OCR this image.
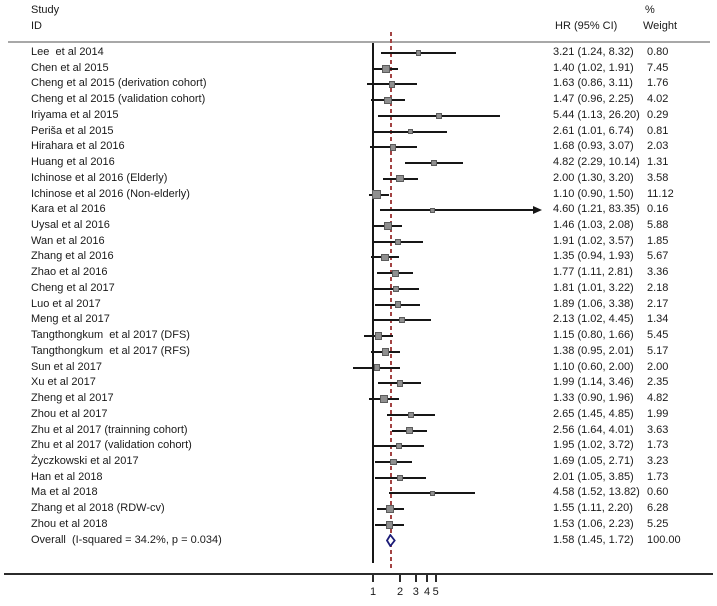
Study
ID
%
HR (95% CI) Weight
Lee  et al 2014	3.21 (1.24, 8.32) 0.80
Chen et al 2015	1.40 (1.02, 1.91) 7.45
Cheng et al 2015 (derivation cohort)	1.63 (0.86, 3.11) 1.76
Cheng et al 2015 (validation cohort)	1.47 (0.96, 2.25) 4.02
Iriyama et al 2015	5.44 (1.13, 26.20) 0.29
Periša et al 2015	2.61 (1.01, 6.74) 0.81
Hirahara et al 2016	1.68 (0.93, 3.07) 2.03
Huang et al 2016	4.82 (2.29, 10.14) 1.31
Ichinose et al 2016 (Elderly)	2.00 (1.30, 3.20) 3.58
Ichinose et al 2016 (Non-elderly)	1.10 (0.90, 1.50) 11.12
Kara et al 2016	4.60 (1.21, 83.35) 0.16
Uysal et al 2016	1.46 (1.03, 2.08) 5.88
Wan et al 2016	1.91 (1.02, 3.57) 1.85
Zhang et al 2016	1.35 (0.94, 1.93) 5.67
Zhao et al 2016	1.77 (1.11, 2.81) 3.36
Cheng et al 2017	1.81 (1.01, 3.22) 2.18
Luo et al 2017	1.89 (1.06, 3.38) 2.17
Meng et al 2017	2.13 (1.02, 4.45) 1.34
Tangthongkum  et al 2017 (DFS)	1.15 (0.80, 1.66) 5.45
Tangthongkum  et al 2017 (RFS)	1.38 (0.95, 2.01) 5.17
Sun et al 2017	1.10 (0.60, 2.00) 2.00
Xu et al 2017	1.99 (1.14, 3.46) 2.35
Zheng et al 2017	1.33 (0.90, 1.96) 4.82
Zhou et al 2017	2.65 (1.45, 4.85) 1.99
Zhu et al 2017 (trainning cohort)	2.56 (1.64, 4.01) 3.63
Zhu et al 2017 (validation cohort)	1.95 (1.02, 3.72) 1.73
Życzkowski et al 2017	1.69 (1.05, 2.71) 3.23
Han et al 2018	2.01 (1.05, 3.85) 1.73
Ma et al 2018	4.58 (1.52, 13.82) 0.60
Zhang et al 2018 (RDW-cv)	1.55 (1.11, 2.20) 6.28
Zhou et al 2018	1.53 (1.06, 2.23) 5.25
Overall  (I-squared = 34.2%, p = 0.034)	1.58 (1.45, 1.72) 100.00
1 2 3 4 5
